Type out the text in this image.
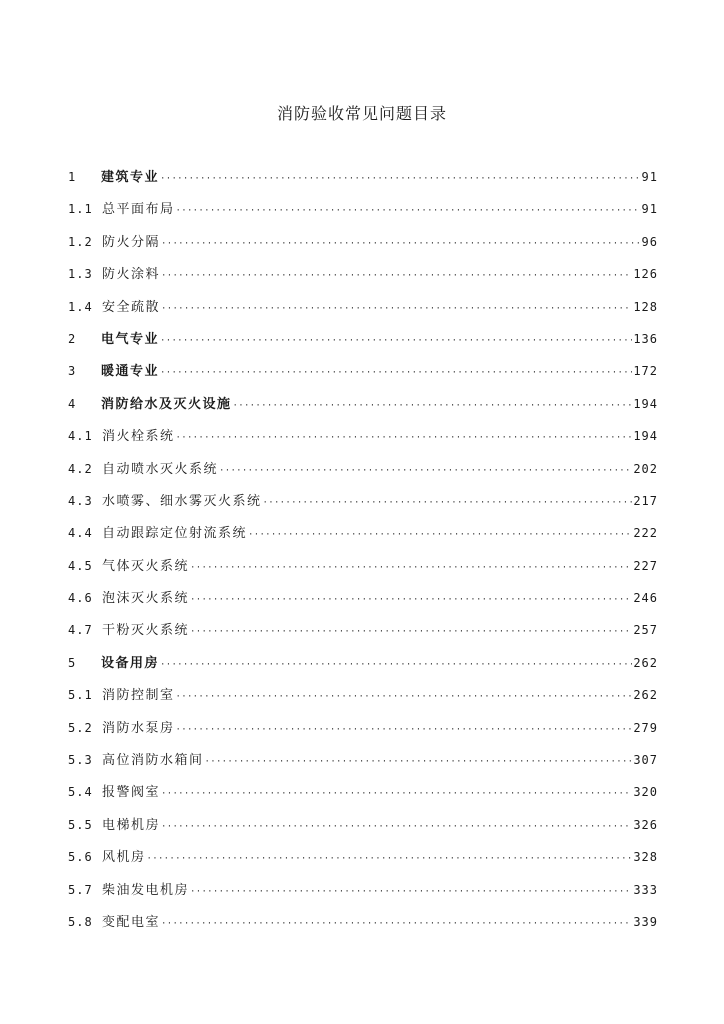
消防验收常见问题目录
1	建筑专业 ·····	91
1.1 总平面布局 ·····	91
1.2 防火分隔 ·····	96
1.3 防火涂料 ·····	126
1.4 安全疏散 ·····	128
2	电气专业 ·····	136
3	暖通专业 ·····	172
4	消防给水及灭火设施 ·····	194
4.1 消火栓系统 ·····	194
4.2 自动喷水灭火系统 ·····	202
4.3 水喷雾、细水雾灭火系统 ·····	217
4.4 自动跟踪定位射流系统 ·····	222
4.5 气体灭火系统 ·····	227
4.6 泡沫灭火系统 ·····	246
4.7 干粉灭火系统 ·····	257
5	设备用房 ·····	262
5.1 消防控制室 ·····	262
5.2 消防水泵房 ·····	279
5.3 高位消防水箱间 ·····	307
5.4 报警阀室 ·····	320
5.5 电梯机房 ·····	326
5.6 风机房 ·····	328
5.7 柴油发电机房 ·····	333
5.8 变配电室 ·····	339
